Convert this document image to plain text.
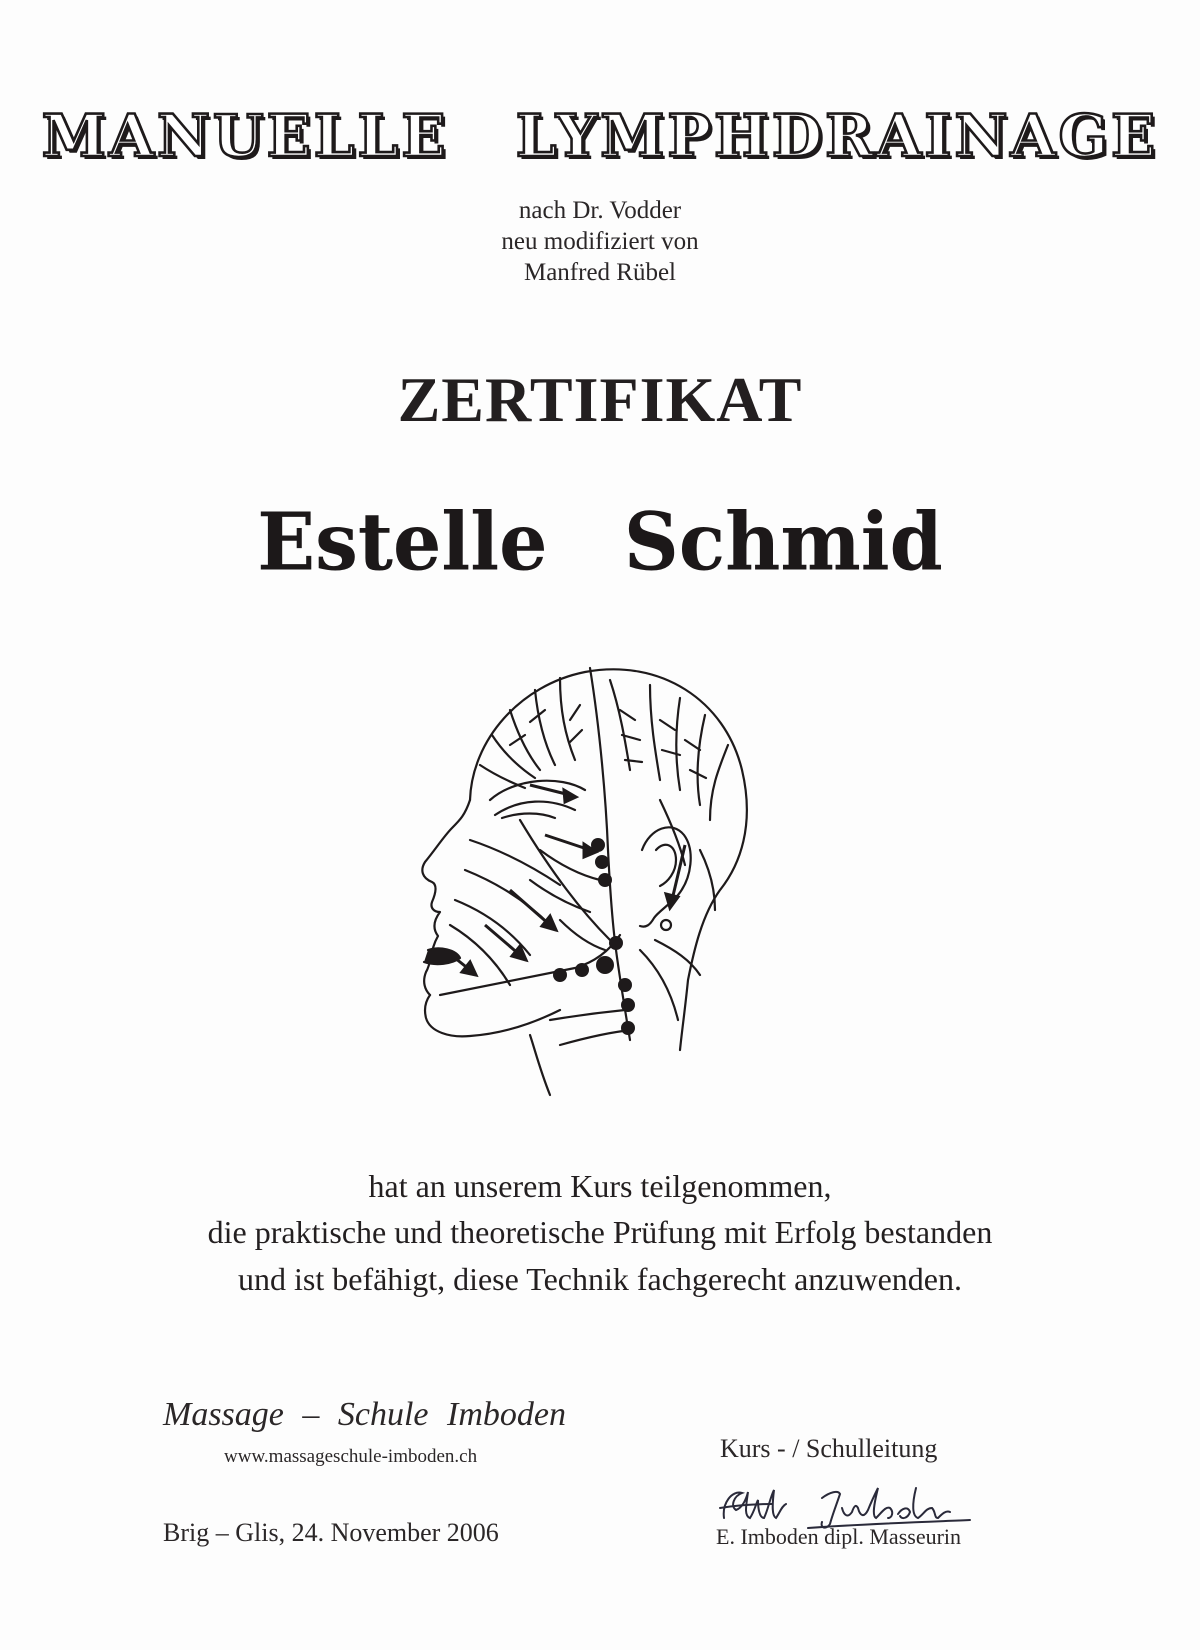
MANUELLE LYMPHDRAINAGE
nach Dr. Vodder
neu modifiziert von
Manfred Rübel
ZERTIFIKAT
Estelle Schmid
hat an unserem Kurs teilgenommen,
die praktische und theoretische Prüfung mit Erfolg bestanden
und ist befähigt, diese Technik fachgerecht anzuwenden.
Massage – Schule Imboden
www.massageschule-imboden.ch
Brig – Glis, 24. November 2006
Kurs - / Schulleitung
E. Imboden dipl. Masseurin
